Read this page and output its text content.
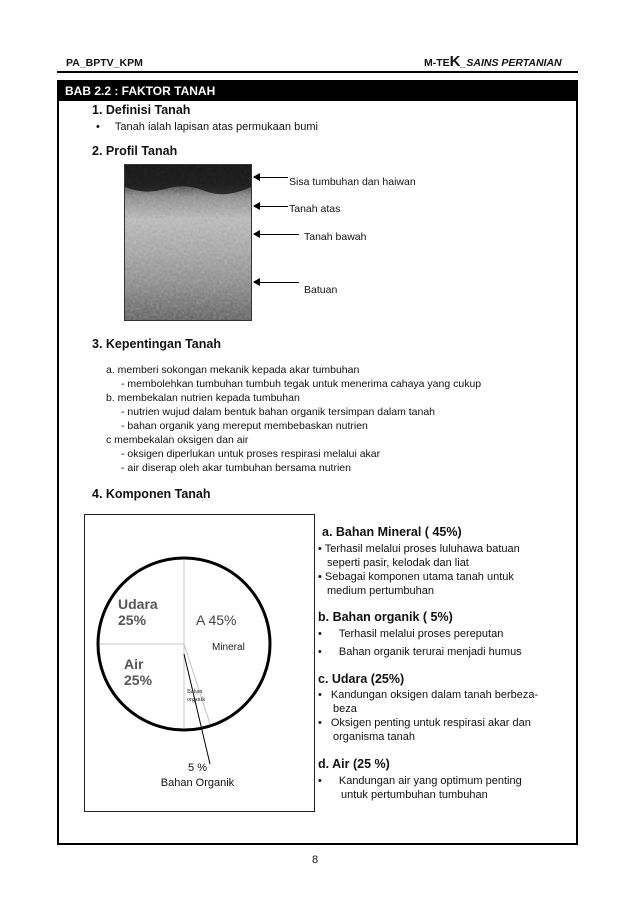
PA_BPTV_KPM	M-TEK_SAINS PERTANIAN
BAB 2.2 : FAKTOR TANAH
1. Definisi Tanah
• Tanah ialah lapisan atas permukaan bumi
2. Profil Tanah
Sisa tumbuhan dan haiwan
Tanah atas
Tanah bawah
Batuan
3. Kepentingan Tanah
a. memberi sokongan mekanik kepada akar tumbuhan
- membolehkan tumbuhan tumbuh tegak untuk menerima cahaya yang cukup
b. membekalan nutrien kepada tumbuhan
- nutrien wujud dalam bentuk bahan organik tersimpan dalam tanah
- bahan organik yang mereput membebaskan nutrien
c membekalan oksigen dan air
- oksigen diperlukan untuk proses respirasi melalui akar
- air diserap oleh akar tumbuhan bersama nutrien
4. Komponen Tanah
Udara
25%
Air
25%
A 45%
Mineral
Bahan
organik
5 %
Bahan Organik
a. Bahan Mineral ( 45%)
• Terhasil melalui proses luluhawa batuan
seperti pasir, kelodak dan liat
• Sebagai komponen utama tanah untuk
medium pertumbuhan
b. Bahan organik ( 5%)
• Terhasil melalui proses pereputan
• Bahan organik terurai menjadi humus
c. Udara (25%)
• Kandungan oksigen dalam tanah berbeza-
beza
• Oksigen penting untuk respirasi akar dan
organisma tanah
d. Air (25 %)
• Kandungan air yang optimum penting
untuk pertumbuhan tumbuhan
8
